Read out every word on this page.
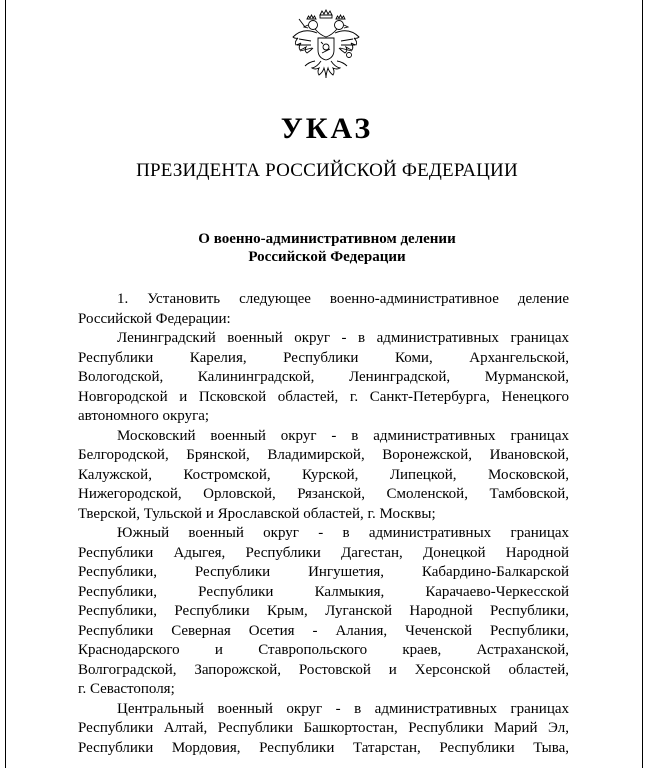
УКАЗ
ПРЕЗИДЕНТА РОССИЙСКОЙ ФЕДЕРАЦИИ
О военно-административном делении
Российской Федерации
1. Установить следующее военно-административное деление
Российской Федерации:
Ленинградский военный округ - в административных границах
Республики Карелия, Республики Коми, Архангельской,
Вологодской, Калининградской, Ленинградской, Мурманской,
Новгородской и Псковской областей, г. Санкт-Петербурга, Ненецкого
автономного округа;
Московский военный округ - в административных границах
Белгородской, Брянской, Владимирской, Воронежской, Ивановской,
Калужской, Костромской, Курской, Липецкой, Московской,
Нижегородской, Орловской, Рязанской, Смоленской, Тамбовской,
Тверской, Тульской и Ярославской областей, г. Москвы;
Южный военный округ - в административных границах
Республики Адыгея, Республики Дагестан, Донецкой Народной
Республики, Республики Ингушетия, Кабардино-Балкарской
Республики, Республики Калмыкия, Карачаево-Черкесской
Республики, Республики Крым, Луганской Народной Республики,
Республики Северная Осетия - Алания, Чеченской Республики,
Краснодарского и Ставропольского краев, Астраханской,
Волгоградской, Запорожской, Ростовской и Херсонской областей,
г. Севастополя;
Центральный военный округ - в административных границах
Республики Алтай, Республики Башкортостан, Республики Марий Эл,
Республики Мордовия, Республики Татарстан, Республики Тыва,
